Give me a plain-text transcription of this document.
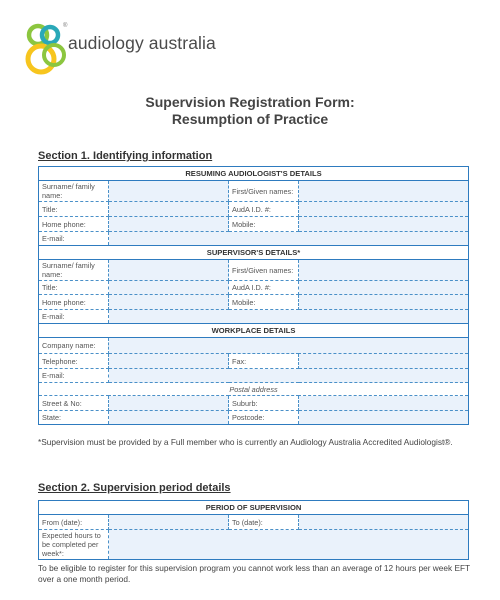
®
audiology australia
Supervision Registration Form:
Resumption of Practice
Section 1. Identifying information
RESUMING AUDIOLOGIST'S DETAILS			
Surname/ family name:		First/Given names:	
Title:		AudA I.D. #:	
Home phone:		Mobile:	
E-mail:			
SUPERVISOR'S DETAILS*			
Surname/ family name:		First/Given names:	
Title:		AudA I.D. #:	
Home phone:		Mobile:	
E-mail:			
WORKPLACE DETAILS			
Company name:			
Telephone:		Fax:	
E-mail:			
Postal address			
Street & No:		Suburb:	
State:		Postcode:	
*Supervision must be provided by a Full member who is currently an Audiology Australia Accredited Audiologist®.
Section 2. Supervision period details
PERIOD OF SUPERVISION			
From (date):		To (date):	
Expected hours to be completed per week*:			
To be eligible to register for this supervision program you cannot work less than an average of 12 hours per week EFT over a one month period.
